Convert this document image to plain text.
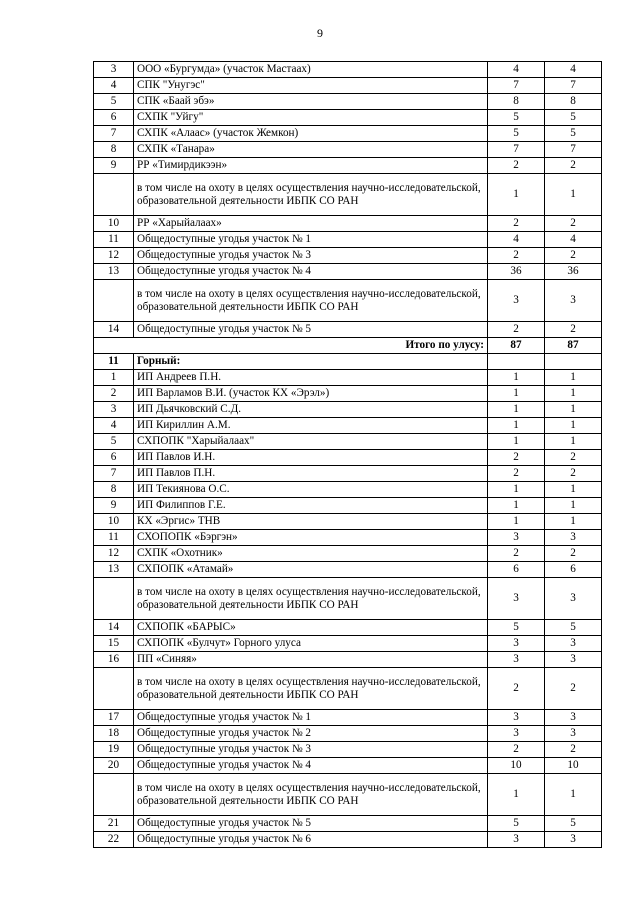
9
3	ООО «Бургумда» (участок Мастаах)	4	4
4	СПК "Унугэс"	7	7
5	СПК «Баай эбэ»	8	8
6	СХПК "Уйгу"	5	5
7	СХПК «Алаас» (участок Жемкон)	5	5
8	СХПК «Танара»	7	7
9	РР «Тимирдикээн»	2	2
	в том числе на охоту в целях осуществления научно-исследовательской, образовательной деятельности ИБПК СО РАН	1	1
10	РР «Харыйалаах»	2	2
11	Общедоступные угодья участок № 1	4	4
12	Общедоступные угодья участок № 3	2	2
13	Общедоступные угодья участок № 4	36	36
	в том числе на охоту в целях осуществления научно-исследовательской, образовательной деятельности ИБПК СО РАН	3	3
14	Общедоступные угодья участок № 5	2	2
Итого по улусу:		87	87
11	Горный:		
1	ИП Андреев П.Н.	1	1
2	ИП Варламов В.И. (участок КХ «Эрэл»)	1	1
3	ИП Дьячковский С.Д.	1	1
4	ИП Кириллин А.М.	1	1
5	СХПОПК "Харыйалаах"	1	1
6	ИП Павлов И.Н.	2	2
7	ИП Павлов П.Н.	2	2
8	ИП Текиянова О.С.	1	1
9	ИП Филиппов Г.Е.	1	1
10	КХ «Эргис» ТНВ	1	1
11	СХОПОПК «Бэргэн»	3	3
12	СХПК «Охотник»	2	2
13	СХПОПК «Атамай»	6	6
	в том числе на охоту в целях осуществления научно-исследовательской, образовательной деятельности ИБПК СО РАН	3	3
14	СХПОПК «БАРЫС»	5	5
15	СХПОПК «Булчут» Горного улуса	3	3
16	ПП «Синяя»	3	3
	в том числе на охоту в целях осуществления научно-исследовательской, образовательной деятельности ИБПК СО РАН	2	2
17	Общедоступные угодья участок № 1	3	3
18	Общедоступные угодья участок № 2	3	3
19	Общедоступные угодья участок № 3	2	2
20	Общедоступные угодья участок № 4	10	10
	в том числе на охоту в целях осуществления научно-исследовательской, образовательной деятельности ИБПК СО РАН	1	1
21	Общедоступные угодья участок № 5	5	5
22	Общедоступные угодья участок № 6	3	3
